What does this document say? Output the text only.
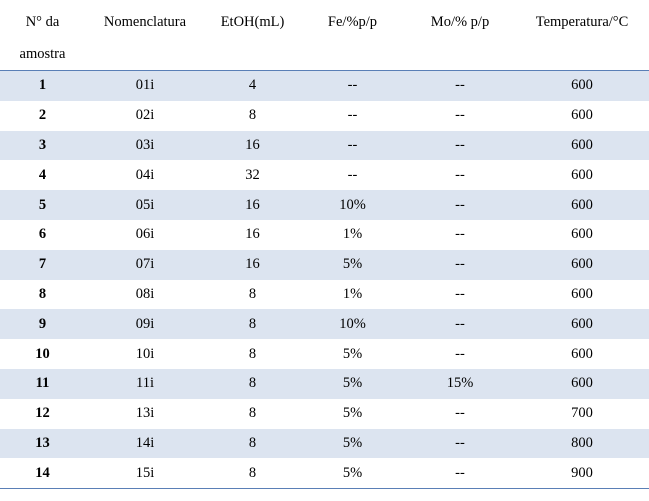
N° da
amostra	Nomenclatura	EtOH(mL)	Fe/%p/p	Mo/% p/p	Temperatura/°C

1	01i	4	--	--	600
2	02i	8	--	--	600
3	03i	16	--	--	600
4	04i	32	--	--	600
5	05i	16	10%	--	600
6	06i	16	1%	--	600
7	07i	16	5%	--	600
8	08i	8	1%	--	600
9	09i	8	10%	--	600
10	10i	8	5%	--	600
11	11i	8	5%	15%	600
12	13i	8	5%	--	700
13	14i	8	5%	--	800
14	15i	8	5%	--	900
